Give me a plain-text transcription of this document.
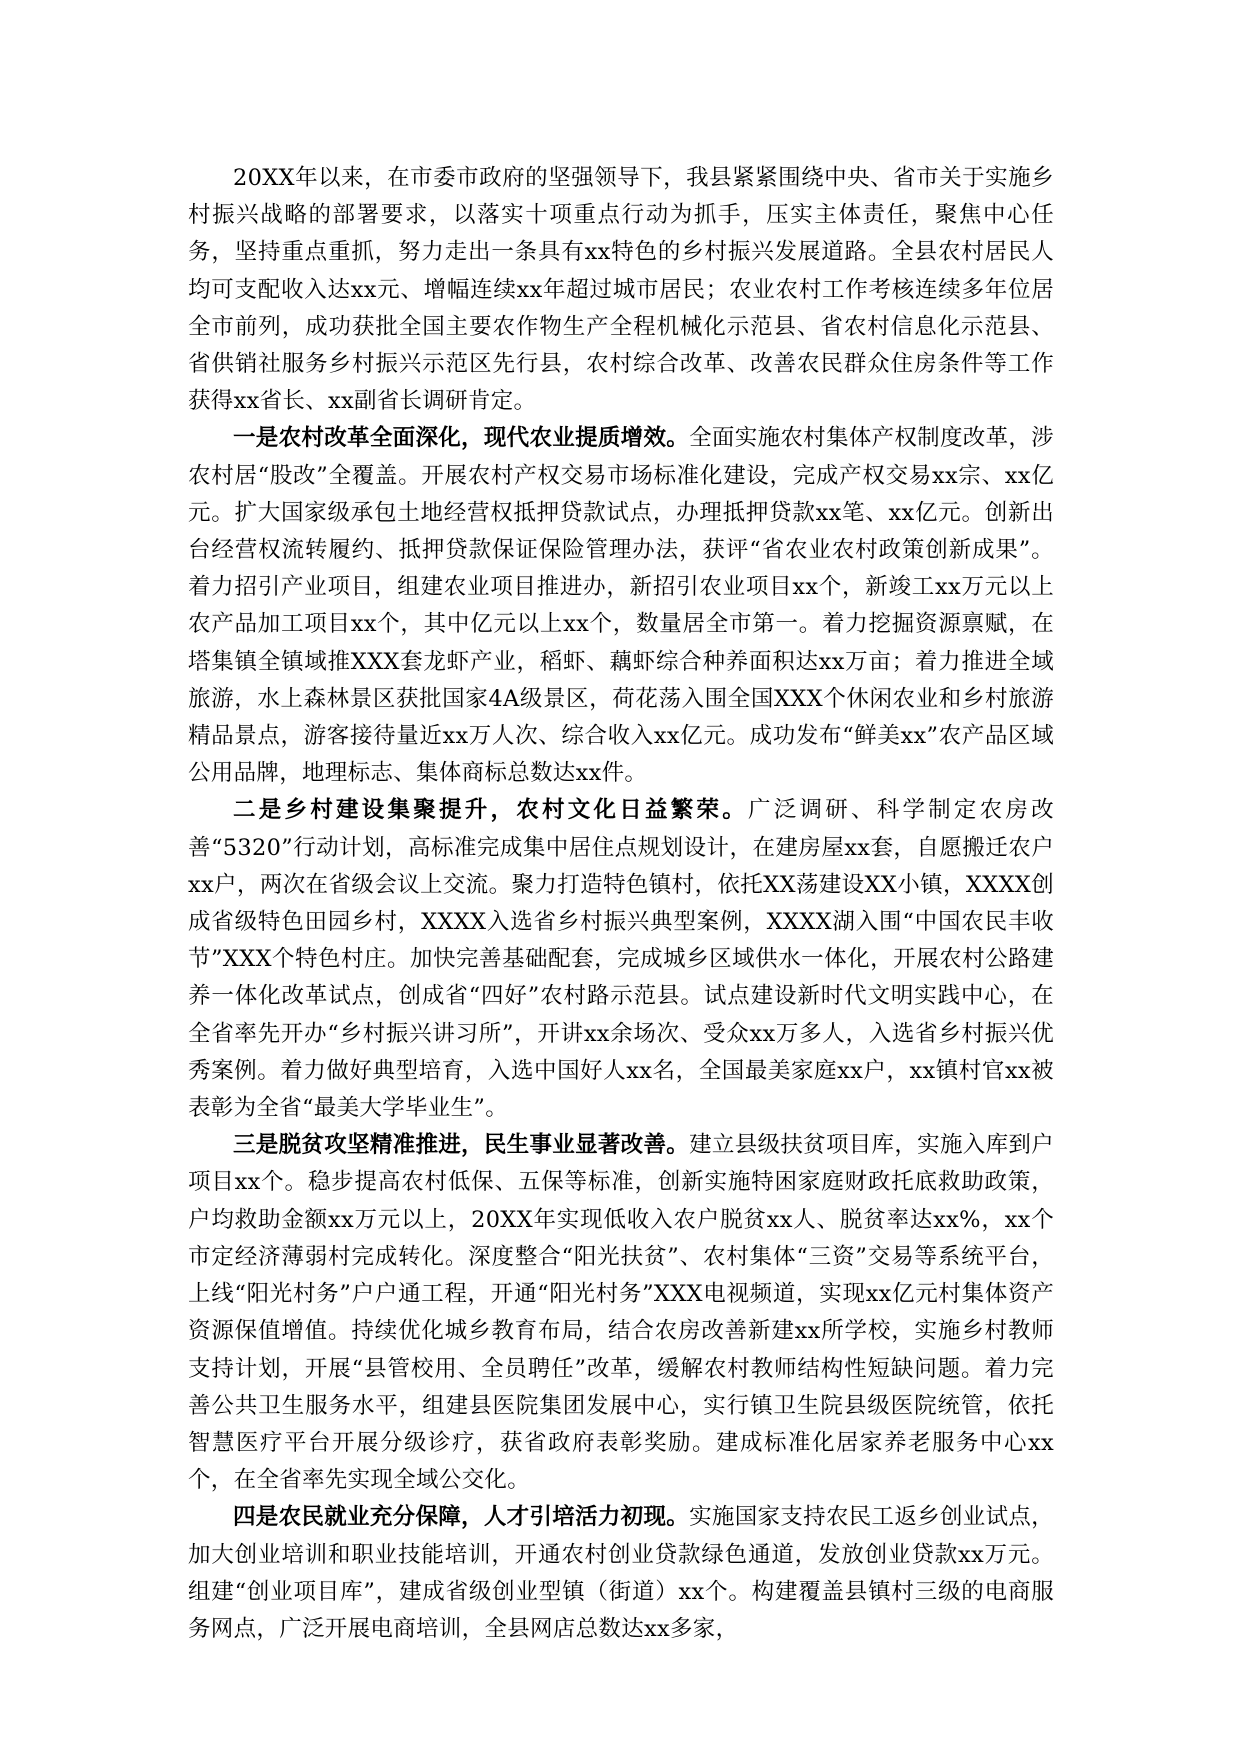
20XX年以来，在市委市政府的坚强领导下，我县紧紧围绕中央、省市关于实施乡村振兴战略的部署要求，以落实十项重点行动为抓手，压实主体责任，聚焦中心任务，坚持重点重抓，努力走出一条具有xx特色的乡村振兴发展道路。全县农村居民人均可支配收入达xx元、增幅连续xx年超过城市居民；农业农村工作考核连续多年位居全市前列，成功获批全国主要农作物生产全程机械化示范县、省农村信息化示范县、省供销社服务乡村振兴示范区先行县，农村综合改革、改善农民群众住房条件等工作获得xx省长、xx副省长调研肯定。

一是农村改革全面深化，现代农业提质增效。全面实施农村集体产权制度改革，涉农村居“股改”全覆盖。开展农村产权交易市场标准化建设，完成产权交易xx宗、xx亿元。扩大国家级承包土地经营权抵押贷款试点，办理抵押贷款xx笔、xx亿元。创新出台经营权流转履约、抵押贷款保证保险管理办法，获评“省农业农村政策创新成果”。着力招引产业项目，组建农业项目推进办，新招引农业项目xx个，新竣工xx万元以上农产品加工项目xx个，其中亿元以上xx个，数量居全市第一。着力挖掘资源禀赋，在塔集镇全镇域推XXX套龙虾产业，稻虾、藕虾综合种养面积达xx万亩；着力推进全域旅游，水上森林景区获批国家4A级景区，荷花荡入围全国XXX个休闲农业和乡村旅游精品景点，游客接待量近xx万人次、综合收入xx亿元。成功发布“鲜美xx”农产品区域公用品牌，地理标志、集体商标总数达xx件。

二是乡村建设集聚提升，农村文化日益繁荣。广泛调研、科学制定农房改善“5320”行动计划，高标准完成集中居住点规划设计，在建房屋xx套，自愿搬迁农户xx户，两次在省级会议上交流。聚力打造特色镇村，依托XX荡建设XX小镇，XXXX创成省级特色田园乡村，XXXX入选省乡村振兴典型案例，XXXX湖入围“中国农民丰收节”XXX个特色村庄。加快完善基础配套，完成城乡区域供水一体化，开展农村公路建养一体化改革试点，创成省“四好”农村路示范县。试点建设新时代文明实践中心，在全省率先开办“乡村振兴讲习所”，开讲xx余场次、受众xx万多人，入选省乡村振兴优秀案例。着力做好典型培育，入选中国好人xx名，全国最美家庭xx户，xx镇村官xx被表彰为全省“最美大学毕业生”。

三是脱贫攻坚精准推进，民生事业显著改善。建立县级扶贫项目库，实施入库到户项目xx个。稳步提高农村低保、五保等标准，创新实施特困家庭财政托底救助政策，户均救助金额xx万元以上，20XX年实现低收入农户脱贫xx人、脱贫率达xx%，xx个市定经济薄弱村完成转化。深度整合“阳光扶贫”、农村集体“三资”交易等系统平台，上线“阳光村务”户户通工程，开通“阳光村务”XXX电视频道，实现xx亿元村集体资产资源保值增值。持续优化城乡教育布局，结合农房改善新建xx所学校，实施乡村教师支持计划，开展“县管校用、全员聘任”改革，缓解农村教师结构性短缺问题。着力完善公共卫生服务水平，组建县医院集团发展中心，实行镇卫生院县级医院统管，依托智慧医疗平台开展分级诊疗，获省政府表彰奖励。建成标准化居家养老服务中心xx个，在全省率先实现全域公交化。

四是农民就业充分保障，人才引培活力初现。实施国家支持农民工返乡创业试点，加大创业培训和职业技能培训，开通农村创业贷款绿色通道，发放创业贷款xx万元。组建“创业项目库”，建成省级创业型镇（街道）xx个。构建覆盖县镇村三级的电商服务网点，广泛开展电商培训，全县网店总数达xx多家，
